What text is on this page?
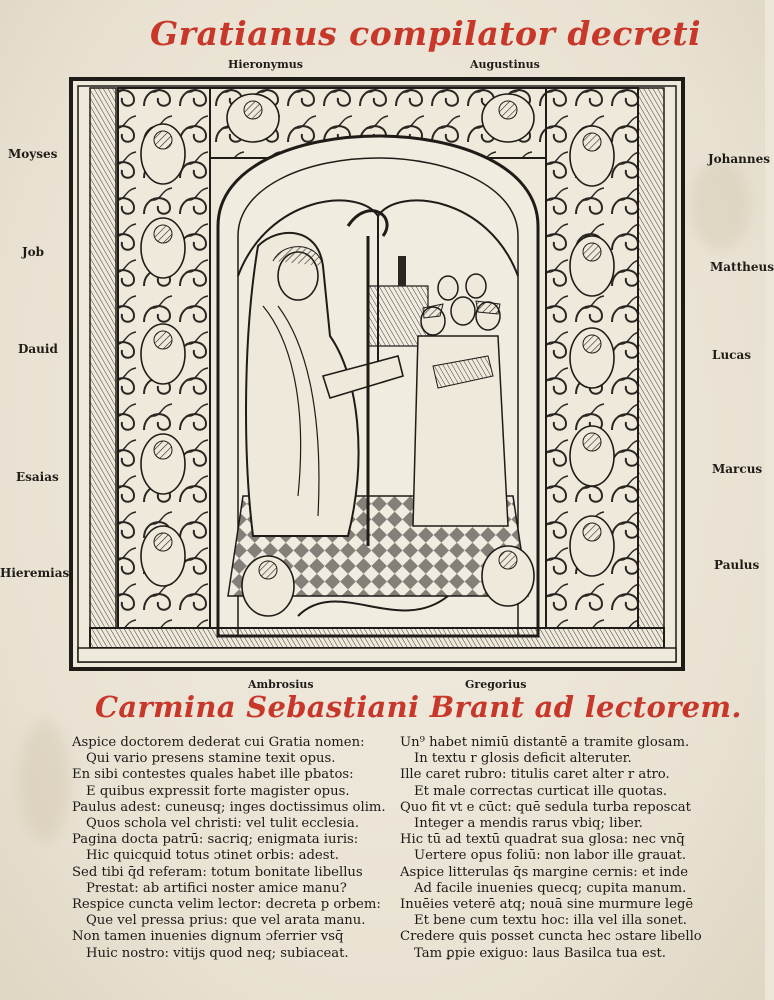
Gratianus compilator decreti
Hieronymus	Augustinus
Moyses
Job
Dauid
Esaias
Hieremias
Johannes
Mattheus
Lucas
Marcus
Paulus
Ambrosius	Gregorius
Carmina Sebastiani Brant ad lectorem.
Aspice doctorem dederat cui Gratia nomen:
Qui vario presens stamine texit opus.
En sibi contestes quales habet ille pbatos:
E quibus expressit forte magister opus.
Paulus adest: cuneusq; inges doctissimus olim.
Quos schola vel christi: vel tulit ecclesia.
Pagina docta patrū: sacriq; enigmata iuris:
Hic quicquid totus ɔtinet orbis: adest.
Sed tibi q̄d referam: totum bonitate libellus
Prestat: ab artifici noster amice manu?
Respice cuncta velim lector: decreta p orbem:
Que vel pressa prius: que vel arata manu.
Non tamen inuenies dignum ɔferrier vsq̄
Huic nostro: vitijs quod neq; subiaceat.
Un⁹ habet nimiū distantē a tramite glosam.
In textu r glosis deficit alteruter.
Ille caret rubro: titulis caret alter r atro.
Et male correctas curticat ille quotas.
Quo fit vt e cūct: quē sedula turba reposcat
Integer a mendis rarus vbiq; liber.
Hic tū ad textū quadrat sua glosa: nec vnq̄
Uertere opus foliū: non labor ille grauat.
Aspice litterulas q̄s margine cernis: et inde
Ad facile inuenies quecq; cupita manum.
Inuēies veterē atq; nouā sine murmure legē
Et bene cum textu hoc: illa vel illa sonet.
Credere quis posset cuncta hec ɔstare libello
Tam ꝑpie exiguo: laus Basilca tua est.
